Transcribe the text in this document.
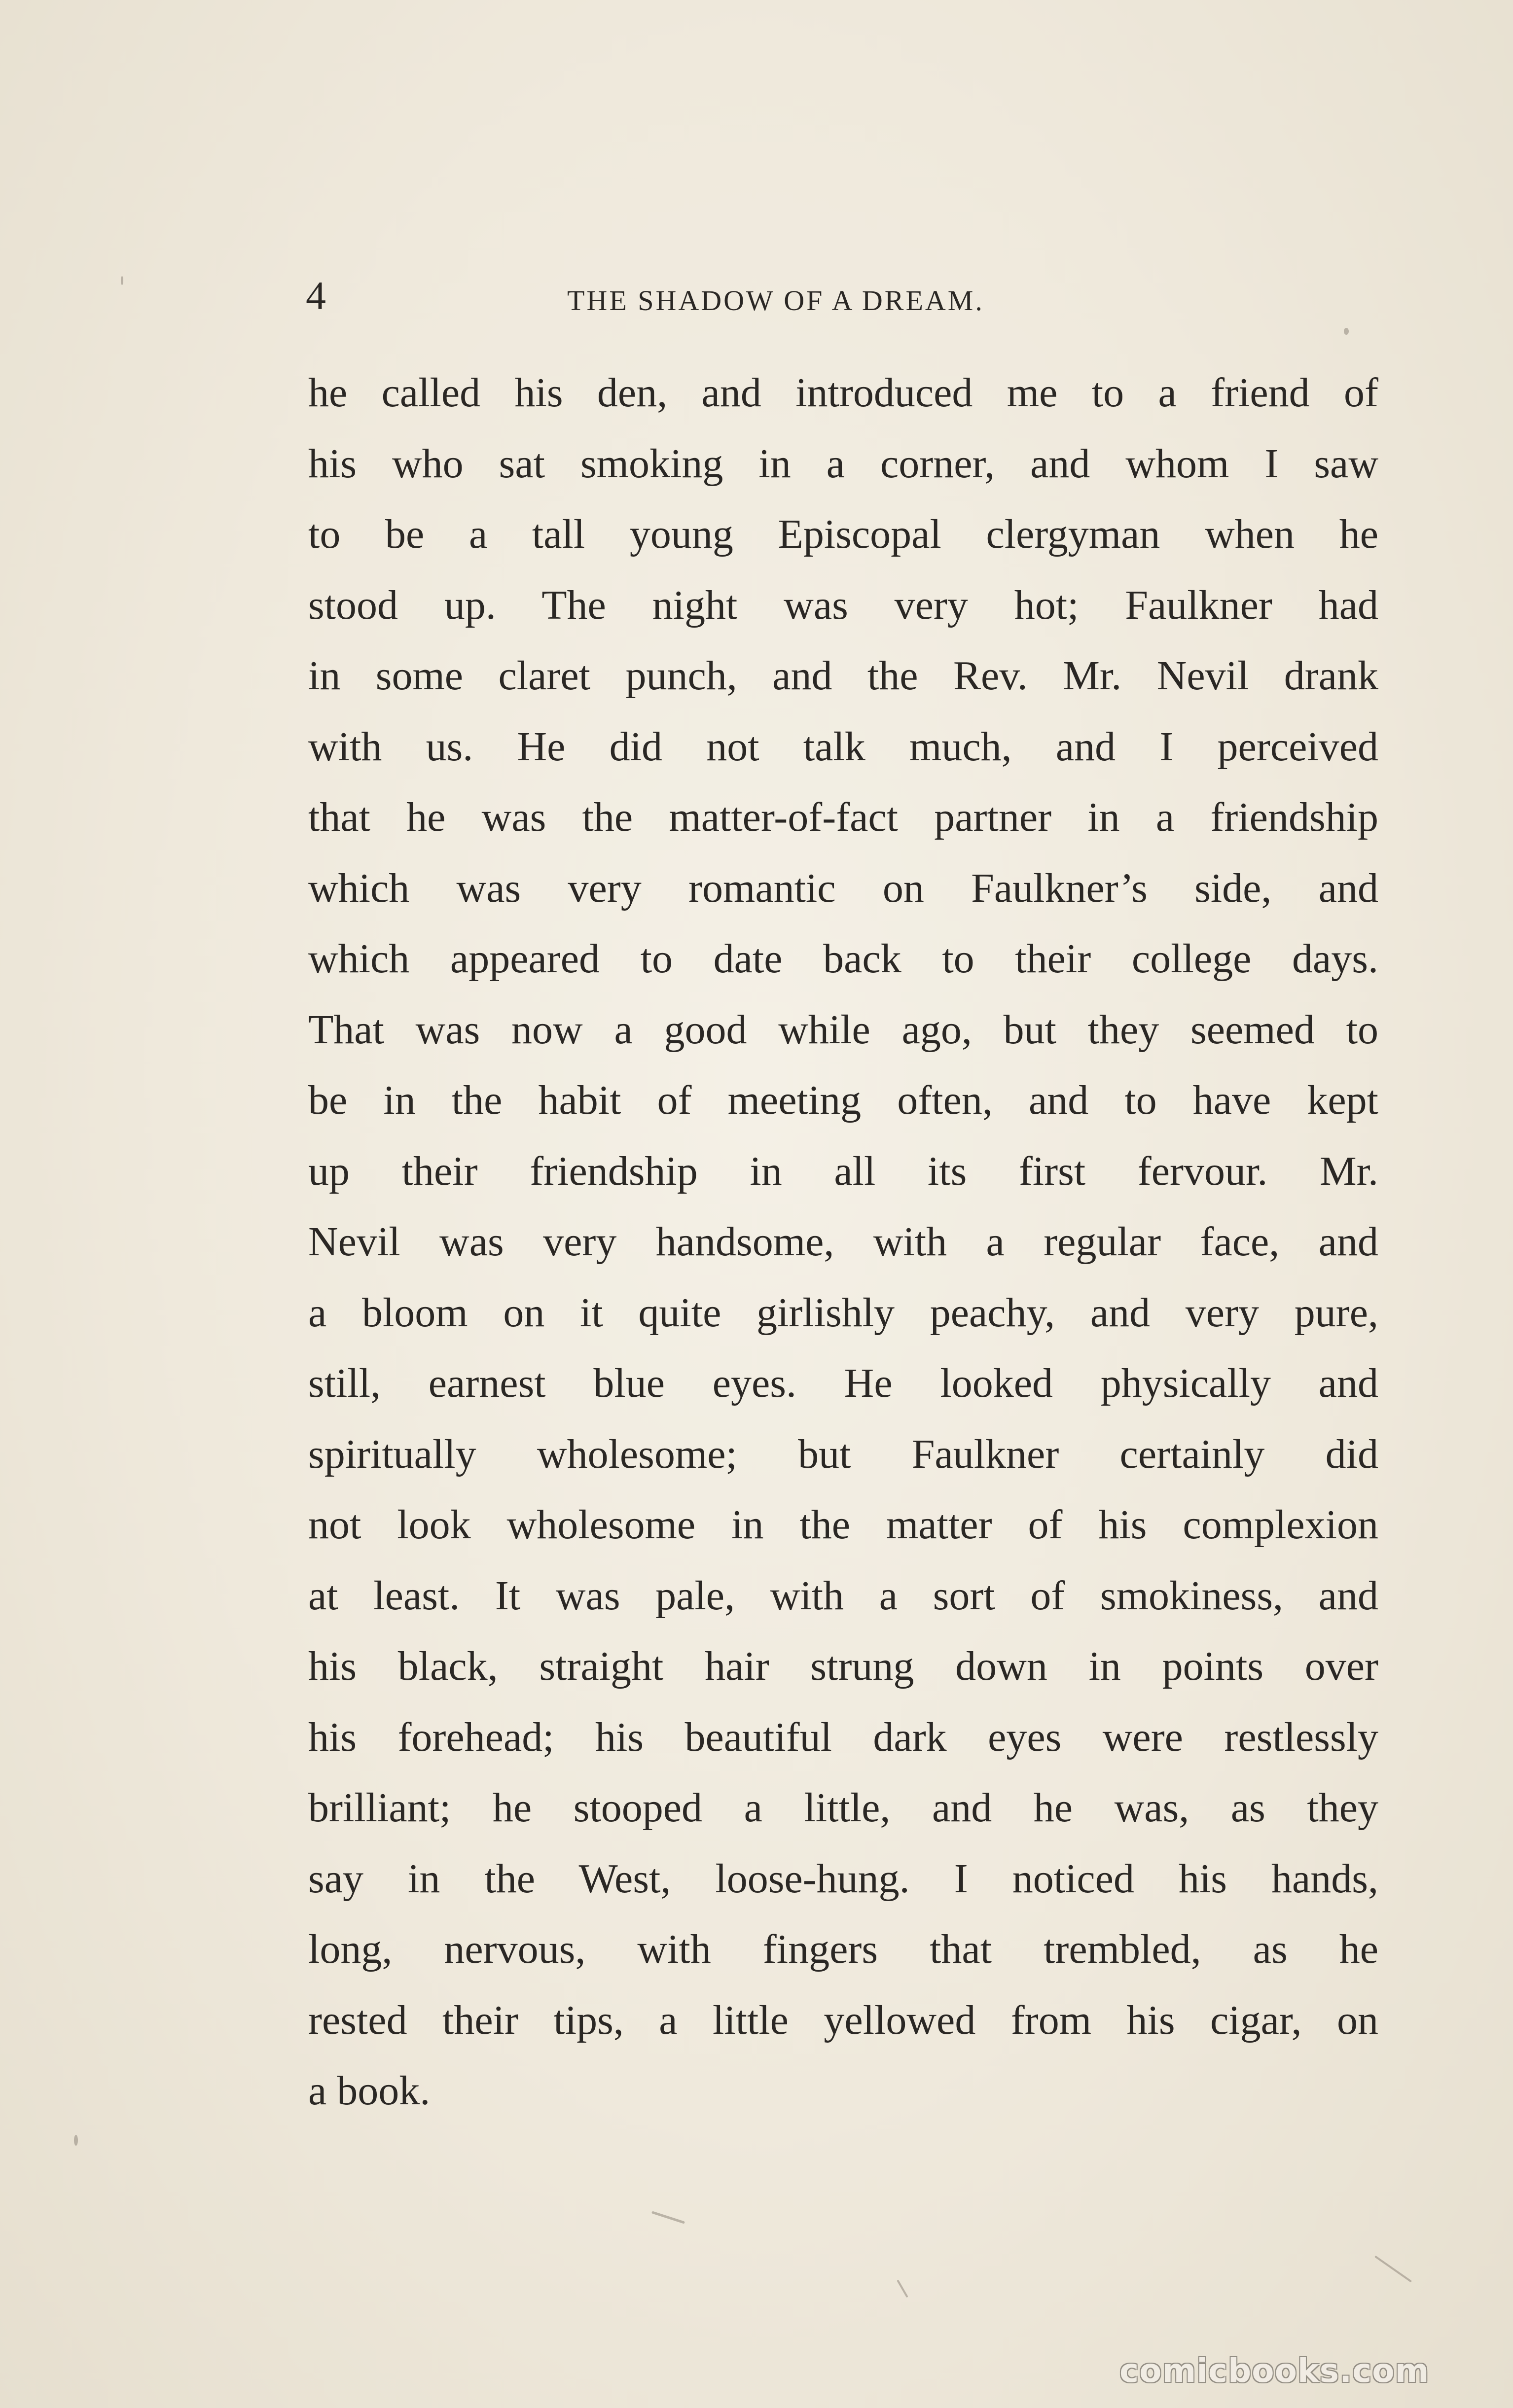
4	THE SHADOW OF A DREAM.
he called his den, and introduced me to a friend of
his who sat smoking in a corner, and whom I saw
to be a tall young Episcopal clergyman when he
stood up. The night was very hot; Faulkner had
in some claret punch, and the Rev. Mr. Nevil drank
with us. He did not talk much, and I perceived
that he was the matter-of-fact partner in a friendship
which was very romantic on Faulkner’s side, and
which appeared to date back to their college days.
That was now a good while ago, but they seemed to
be in the habit of meeting often, and to have kept
up their friendship in all its first fervour. Mr.
Nevil was very handsome, with a regular face, and
a bloom on it quite girlishly peachy, and very pure,
still, earnest blue eyes. He looked physically and
spiritually wholesome; but Faulkner certainly did
not look wholesome in the matter of his complexion
at least. It was pale, with a sort of smokiness, and
his black, straight hair strung down in points over
his forehead; his beautiful dark eyes were restlessly
brilliant; he stooped a little, and he was, as they
say in the West, loose-hung. I noticed his hands,
long, nervous, with fingers that trembled, as he
rested their tips, a little yellowed from his cigar, on
a book.
comicbooks.com
